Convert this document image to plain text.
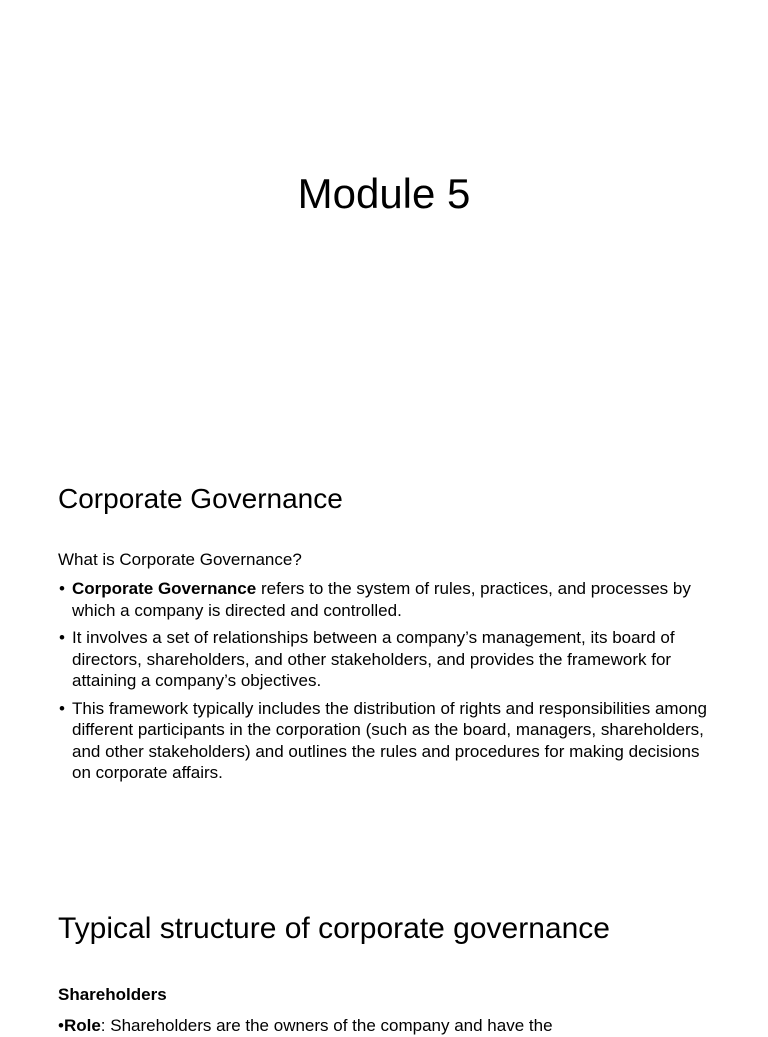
Module 5
Corporate Governance

What is Corporate Governance?

• Corporate Governance refers to the system of rules, practices, and processes by which a company is directed and controlled.
• It involves a set of relationships between a company’s management, its board of directors, shareholders, and other stakeholders, and provides the framework for attaining a company’s objectives.
• This framework typically includes the distribution of rights and responsibilities among different participants in the corporation (such as the board, managers, shareholders, and other stakeholders) and outlines the rules and procedures for making decisions on corporate affairs.
Typical structure of corporate governance

Shareholders

•Role: Shareholders are the owners of the company and have the
